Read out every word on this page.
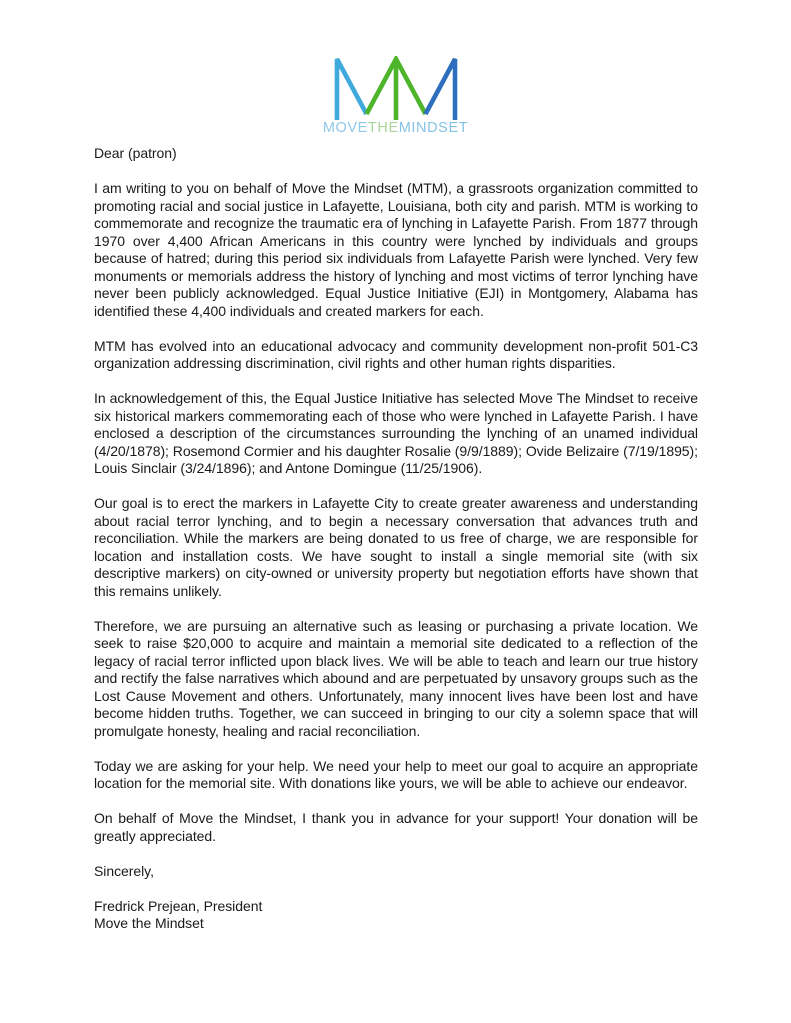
MOVETHEMINDSET

Dear (patron)

I am writing to you on behalf of Move the Mindset (MTM), a grassroots organization committed to promoting racial and social justice in Lafayette, Louisiana, both city and parish. MTM is working to commemorate and recognize the traumatic era of lynching in Lafayette Parish. From 1877 through 1970 over 4,400 African Americans in this country were lynched by individuals and groups because of hatred; during this period six individuals from Lafayette Parish were lynched. Very few monuments or memorials address the history of lynching and most victims of terror lynching have never been publicly acknowledged. Equal Justice Initiative (EJI) in Montgomery, Alabama has identified these 4,400 individuals and created markers for each.

MTM has evolved into an educational advocacy and community development non-profit 501-C3 organization addressing discrimination, civil rights and other human rights disparities.

In acknowledgement of this, the Equal Justice Initiative has selected Move The Mindset to receive six historical markers commemorating each of those who were lynched in Lafayette Parish. I have enclosed a description of the circumstances surrounding the lynching of an unamed individual (4/20/1878); Rosemond Cormier and his daughter Rosalie (9/9/1889); Ovide Belizaire (7/19/1895); Louis Sinclair (3/24/1896); and Antone Domingue (11/25/1906).

Our goal is to erect the markers in Lafayette City to create greater awareness and understanding about racial terror lynching, and to begin a necessary conversation that advances truth and reconciliation. While the markers are being donated to us free of charge, we are responsible for location and installation costs. We have sought to install a single memorial site (with six descriptive markers) on city-owned or university property but negotiation efforts have shown that this remains unlikely.

Therefore, we are pursuing an alternative such as leasing or purchasing a private location. We seek to raise $20,000 to acquire and maintain a memorial site dedicated to a reflection of the legacy of racial terror inflicted upon black lives. We will be able to teach and learn our true history and rectify the false narratives which abound and are perpetuated by unsavory groups such as the Lost Cause Movement and others. Unfortunately, many innocent lives have been lost and have become hidden truths. Together, we can succeed in bringing to our city a solemn space that will promulgate honesty, healing and racial reconciliation.

Today we are asking for your help. We need your help to meet our goal to acquire an appropriate location for the memorial site. With donations like yours, we will be able to achieve our endeavor.

On behalf of Move the Mindset, I thank you in advance for your support! Your donation will be greatly appreciated.

Sincerely,

Fredrick Prejean, President

Move the Mindset
